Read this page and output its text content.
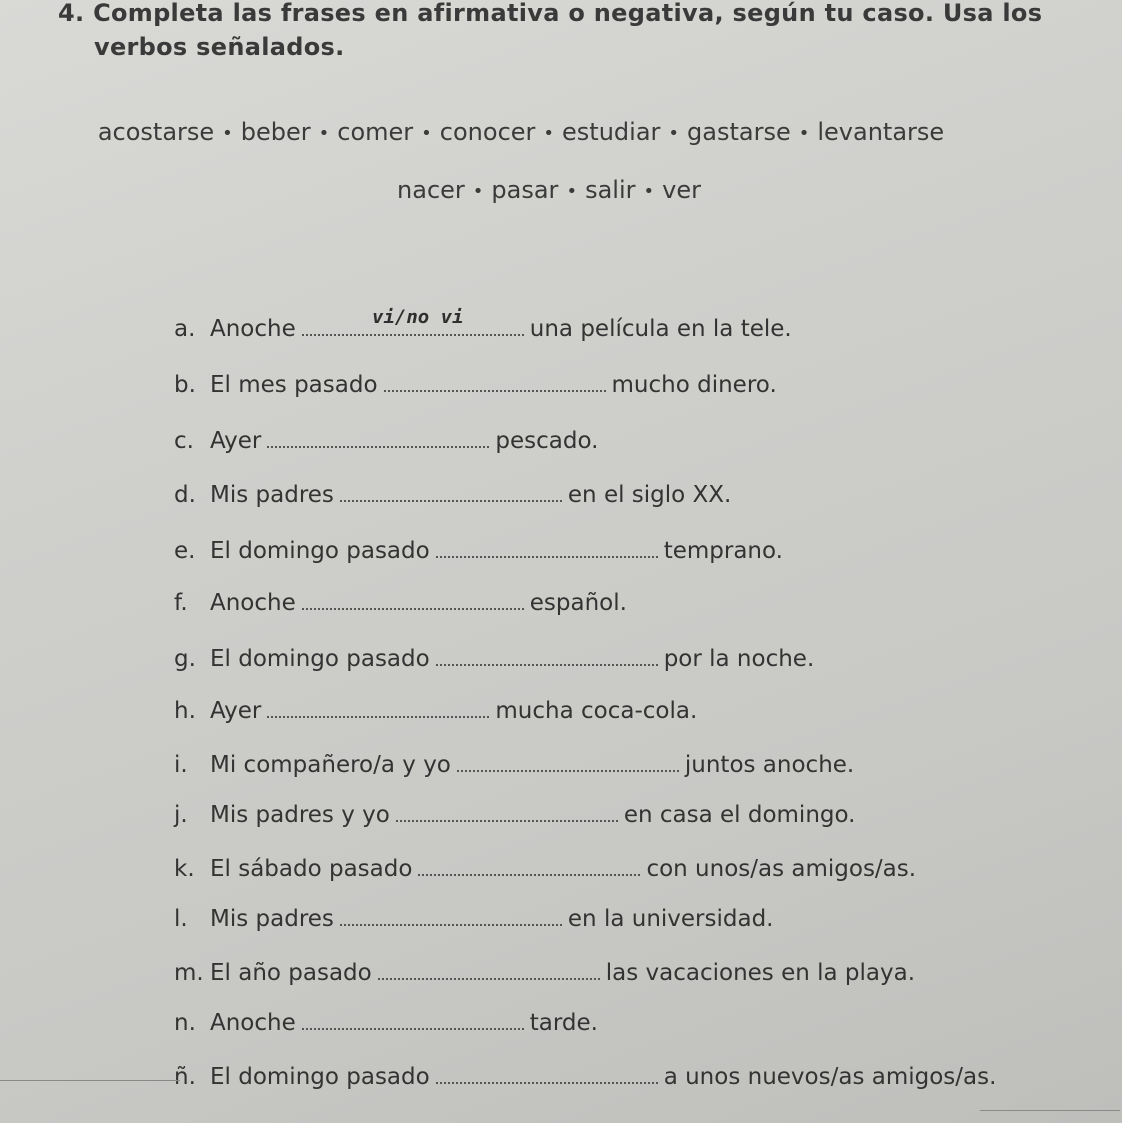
4. Completa las frases en afirmativa o negativa, según tu caso. Usa los
verbos señalados.
acostarse • beber • comer • conocer • estudiar • gastarse • levantarse
nacer • pasar • salir • ver
vi/no vi
a. Anoche	una película en la tele.
b. El mes pasado	mucho dinero.
c. Ayer	pescado.
d. Mis padres	en el siglo XX.
e. El domingo pasado	temprano.
f. Anoche	español.
g. El domingo pasado	por la noche.
h. Ayer	mucha coca-cola.
i. Mi compañero/a y yo	juntos anoche.
j. Mis padres y yo	en casa el domingo.
k. El sábado pasado	con unos/as amigos/as.
l. Mis padres	en la universidad.
m. El año pasado	las vacaciones en la playa.
n. Anoche	tarde.
ñ. El domingo pasado	a unos nuevos/as amigos/as.
